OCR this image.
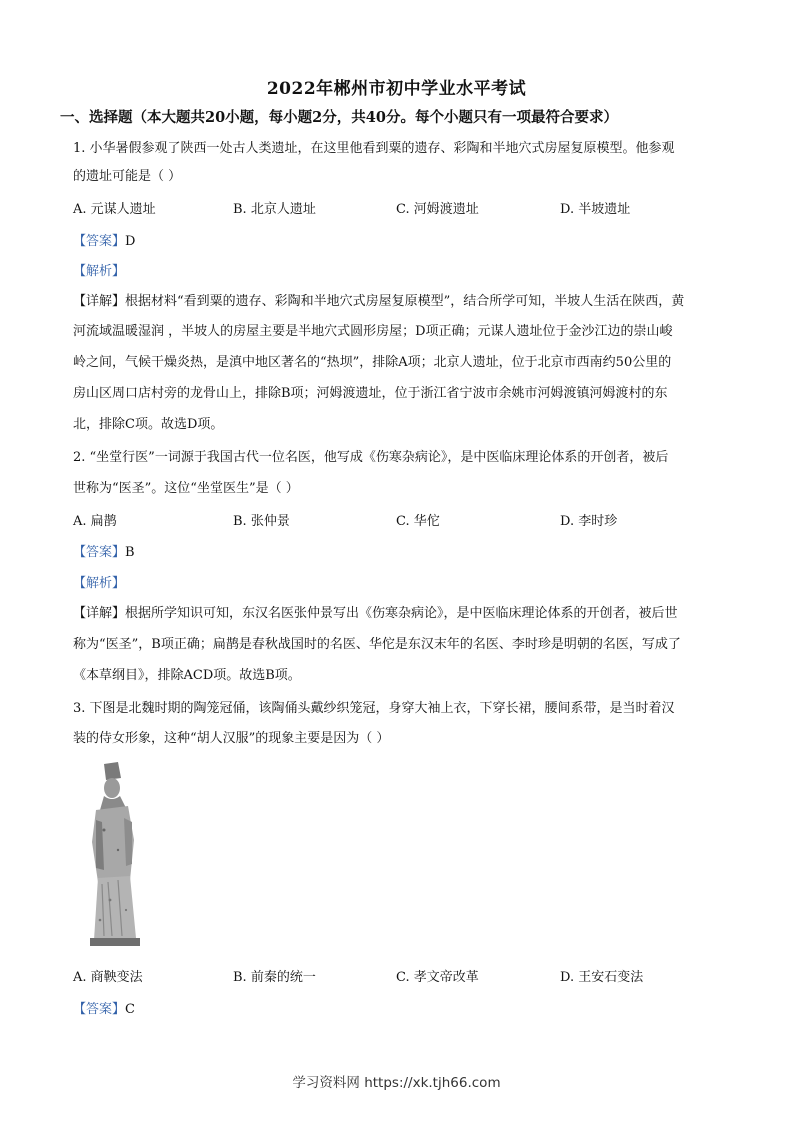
2022年郴州市初中学业水平考试
一、选择题（本大题共20小题，每小题2分，共40分。每个小题只有一项最符合要求）
1. 小华暑假参观了陕西一处古人类遗址，在这里他看到粟的遗存、彩陶和半地穴式房屋复原模型。他参观
的遗址可能是（ ）
A. 元谋人遗址	B. 北京人遗址	C. 河姆渡遗址	D. 半坡遗址
【答案】D
【解析】
【详解】根据材料“看到粟的遗存、彩陶和半地穴式房屋复原模型”，结合所学可知，半坡人生活在陕西，黄
河流域温暖湿润 ，半坡人的房屋主要是半地穴式圆形房屋；D项正确；元谋人遗址位于金沙江边的崇山峻
岭之间，气候干燥炎热，是滇中地区著名的“热坝”，排除A项；北京人遗址，位于北京市西南约50公里的
房山区周口店村旁的龙骨山上，排除B项；河姆渡遗址，位于浙江省宁波市余姚市河姆渡镇河姆渡村的东
北，排除C项。故选D项。
2. “坐堂行医”一词源于我国古代一位名医，他写成《伤寒杂病论》，是中医临床理论体系的开创者，被后
世称为“医圣”。这位“坐堂医生”是（ ）
A. 扁鹊	B. 张仲景	C. 华佗	D. 李时珍
【答案】B
【解析】
【详解】根据所学知识可知，东汉名医张仲景写出《伤寒杂病论》，是中医临床理论体系的开创者，被后世
称为“医圣”，B项正确；扁鹊是春秋战国时的名医、华佗是东汉末年的名医、李时珍是明朝的名医，写成了
《本草纲目》，排除ACD项。故选B项。
3. 下图是北魏时期的陶笼冠俑，该陶俑头戴纱织笼冠，身穿大袖上衣，下穿长裙，腰间系带，是当时着汉
装的侍女形象，这种“胡人汉服”的现象主要是因为（ ）
A. 商鞅变法	B. 前秦的统一	C. 孝文帝改革	D. 王安石变法
【答案】C
学习资料网 https://xk.tjh66.com
